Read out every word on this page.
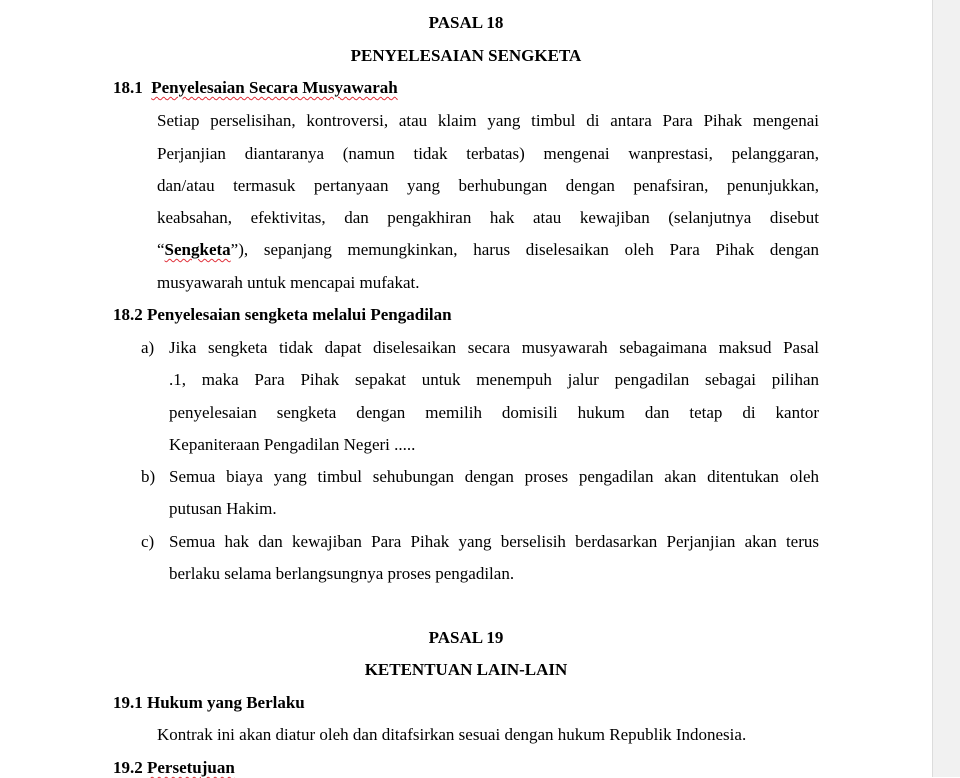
PASAL 18
PENYELESAIAN SENGKETA
18.1 Penyelesaian Secara Musyawarah
Setiap perselisihan, kontroversi, atau klaim yang timbul di antara Para Pihak mengenai
Perjanjian diantaranya (namun tidak terbatas) mengenai wanprestasi, pelanggaran,
dan/atau termasuk pertanyaan yang berhubungan dengan penafsiran, penunjukkan,
keabsahan, efektivitas, dan pengakhiran hak atau kewajiban (selanjutnya disebut
“Sengketa ”), sepanjang memungkinkan, harus diselesaikan oleh Para Pihak dengan
musyawarah untuk mencapai mufakat.
18.2 Penyelesaian sengketa melalui Pengadilan
a) Jika sengketa tidak dapat diselesaikan secara musyawarah sebagaimana maksud Pasal
.1, maka Para Pihak sepakat untuk menempuh jalur pengadilan sebagai pilihan
penyelesaian sengketa dengan memilih domisili hukum dan tetap di kantor
Kepaniteraan Pengadilan Negeri .....
b) Semua biaya yang timbul sehubungan dengan proses pengadilan akan ditentukan oleh
putusan Hakim.
c) Semua hak dan kewajiban Para Pihak yang berselisih berdasarkan Perjanjian akan terus
berlaku selama berlangsungnya proses pengadilan.
PASAL 19
KETENTUAN LAIN-LAIN
19.1 Hukum yang Berlaku
Kontrak ini akan diatur oleh dan ditafsirkan sesuai dengan hukum Republik Indonesia.
19.2 Persetujuan
